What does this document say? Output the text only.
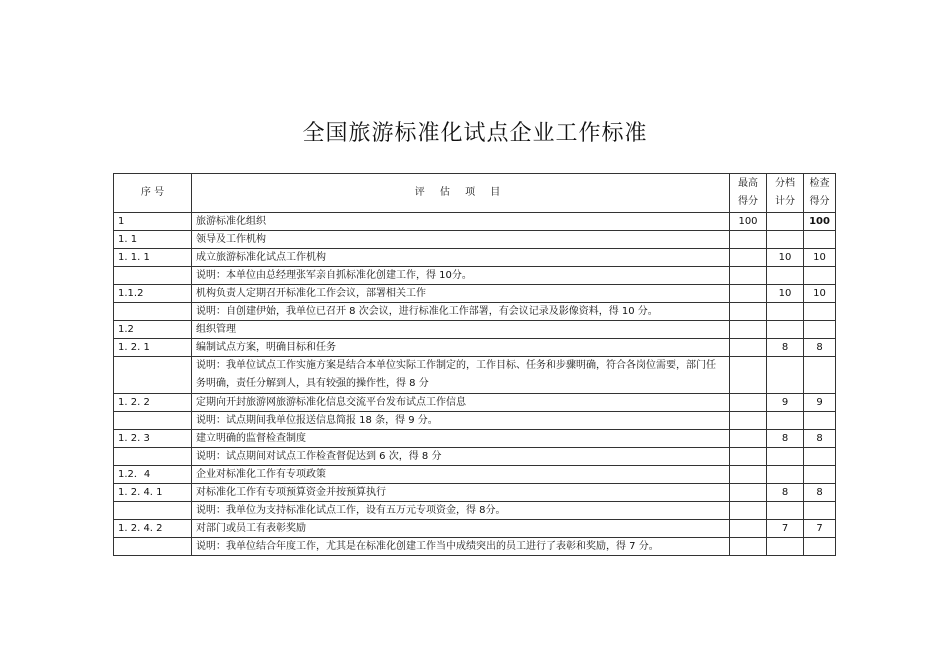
全国旅游标准化试点企业工作标准
序 号	评 估 项 目	最高得分	分档计分	检查得分
1	旅游标准化组织	100		100
1. 1	领导及工作机构			
1. 1. 1	成立旅游标准化试点工作机构		10	10
	说明：本单位由总经理张军亲自抓标准化创建工作，得 10分。			
1.1.2	机构负责人定期召开标准化工作会议，部署相关工作		10	10
	说明：自创建伊始，我单位已召开 8 次会议，进行标准化工作部署，有会议记录及影像资料，得 10 分。			
1.2	组织管理			
1. 2. 1	编制试点方案，明确目标和任务		8	8
	说明：我单位试点工作实施方案是结合本单位实际工作制定的，工作目标、任务和步骤明确，符合各岗位需要，部门任务明确，责任分解到人，具有较强的操作性，得 8 分			
1. 2. 2	定期向开封旅游网旅游标准化信息交流平台发布试点工作信息		9	9
	说明：试点期间我单位报送信息简报 18 条，得 9 分。			
1. 2. 3	建立明确的监督检查制度		8	8
	说明：试点期间对试点工作检查督促达到 6 次，得 8 分			
1.2．4	企业对标准化工作有专项政策			
1. 2. 4. 1	对标准化工作有专项预算资金并按预算执行		8	8
	说明：我单位为支持标准化试点工作，设有五万元专项资金，得 8分。			
1. 2. 4. 2	对部门或员工有表彰奖励		7	7
	说明：我单位结合年度工作，尤其是在标准化创建工作当中成绩突出的员工进行了表彰和奖励，得 7 分。			
